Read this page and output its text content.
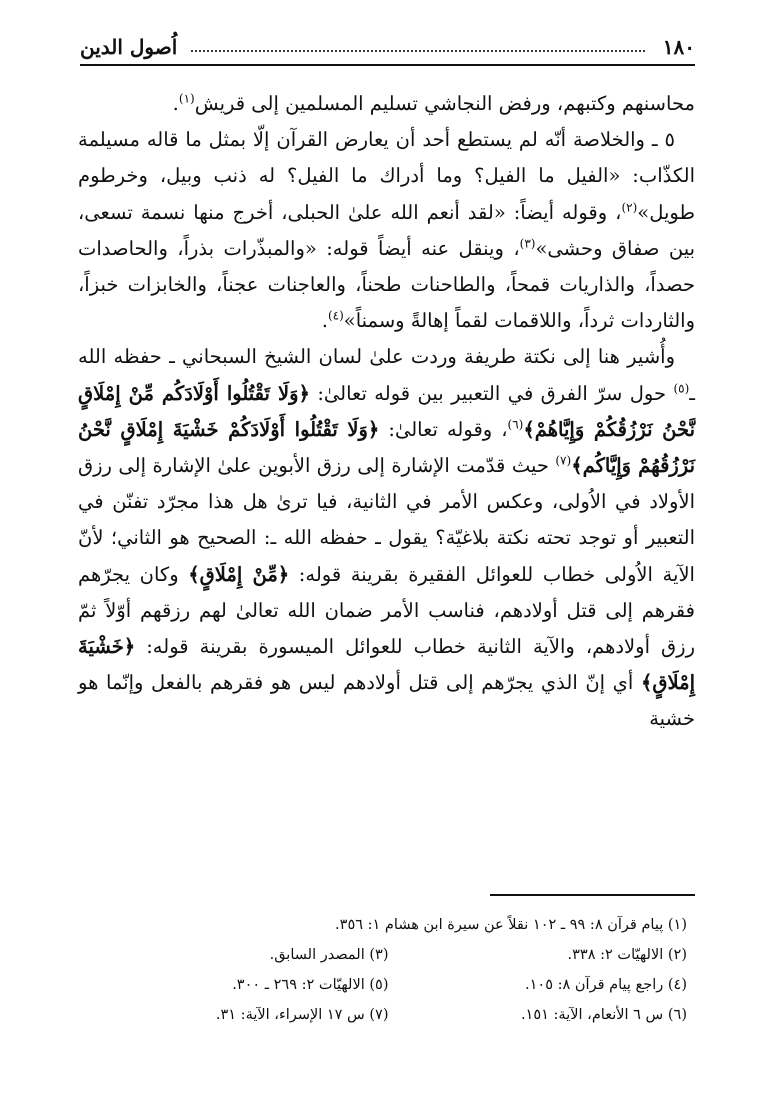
١٨٠
اُصول الدين

محاسنهم وكتبهم، ورفض النجاشي تسليم المسلمين إلى قريش$^{(١)}$.

٥ ـ والخلاصة أنّه لم يستطع أحد أن يعارض القرآن إلّا بمثل ما قاله مسيلمة الكذّاب: «الفيل ما الفيل؟ وما أدراك ما الفيل؟ له ذنب وبيل، وخرطوم طويل»$^{(٢)}$، وقوله أيضاً: «لقد أنعم الله علىٰ الحبلى، أخرج منها نسمة تسعى، بين صفاق وحشى»$^{(٣)}$، وينقل عنه أيضاً قوله: «والمبذّرات بذراً، والحاصدات حصداً، والذاريات قمحاً، والطاحنات طحناً، والعاجنات عجناً، والخابزات خبزاً، والثاردات ثرداً، واللاقمات لقماً إهالةً وسمناً»$^{(٤)}$.

وأُشير هنا إلى نكتة طريفة وردت علىٰ لسان الشيخ السبحاني ـ حفظه الله ـ$^{(٥)}$ حول سرّ الفرق في التعبير بين قوله تعالىٰ: ﴿وَلَا تَقْتُلُوا أَوْلَادَكُم مِّنْ إِمْلَاقٍ نَّحْنُ نَرْزُقُكُمْ وَإِيَّاهُمْ﴾$^{(٦)}$، وقوله تعالىٰ: ﴿وَلَا تَقْتُلُوا أَوْلَادَكُمْ خَشْيَةَ إِمْلَاقٍ نَّحْنُ نَرْزُقُهُمْ وَإِيَّاكُم﴾$^{(٧)}$ حيث قدّمت الإشارة إلى رزق الأبوين علىٰ الإشارة إلى رزق الأولاد في الاُولى، وعكس الأمر في الثانية، فيا ترىٰ هل هذا مجرّد تفنّن في التعبير أو توجد تحته نكتة بلاغيّة؟ يقول ـ حفظه الله ـ: الصحيح هو الثاني؛ لأنّ الآية الاُولى خطاب للعوائل الفقيرة بقرينة قوله: ﴿مِّنْ إِمْلَاقٍ﴾ وكان يجرّهم فقرهم إلى قتل أولادهم، فناسب الأمر ضمان الله تعالىٰ لهم رزقهم أوّلاً ثمّ رزق أولادهم، والآية الثانية خطاب للعوائل الميسورة بقرينة قوله: ﴿خَشْيَةَ إِمْلَاقٍ﴾ أي إنّ الذي يجرّهم إلى قتل أولادهم ليس هو فقرهم بالفعل وإنّما هو خشية

(١) پيام قرآن ٨: ٩٩ ـ ١٠٢ نقلاً عن سيرة ابن هشام ١: ٣٥٦.
(٢) الالهيّات ٢: ٣٣٨.
(٣) المصدر السابق.
(٤) راجع پيام قرآن ٨: ١٠٥.
(٥) الالهيّات ٢: ٢٦٩ ـ ٣٠٠.
(٦) س ٦ الأنعام، الآية: ١٥١.
(٧) س ١٧ الإسراء، الآية: ٣١.
